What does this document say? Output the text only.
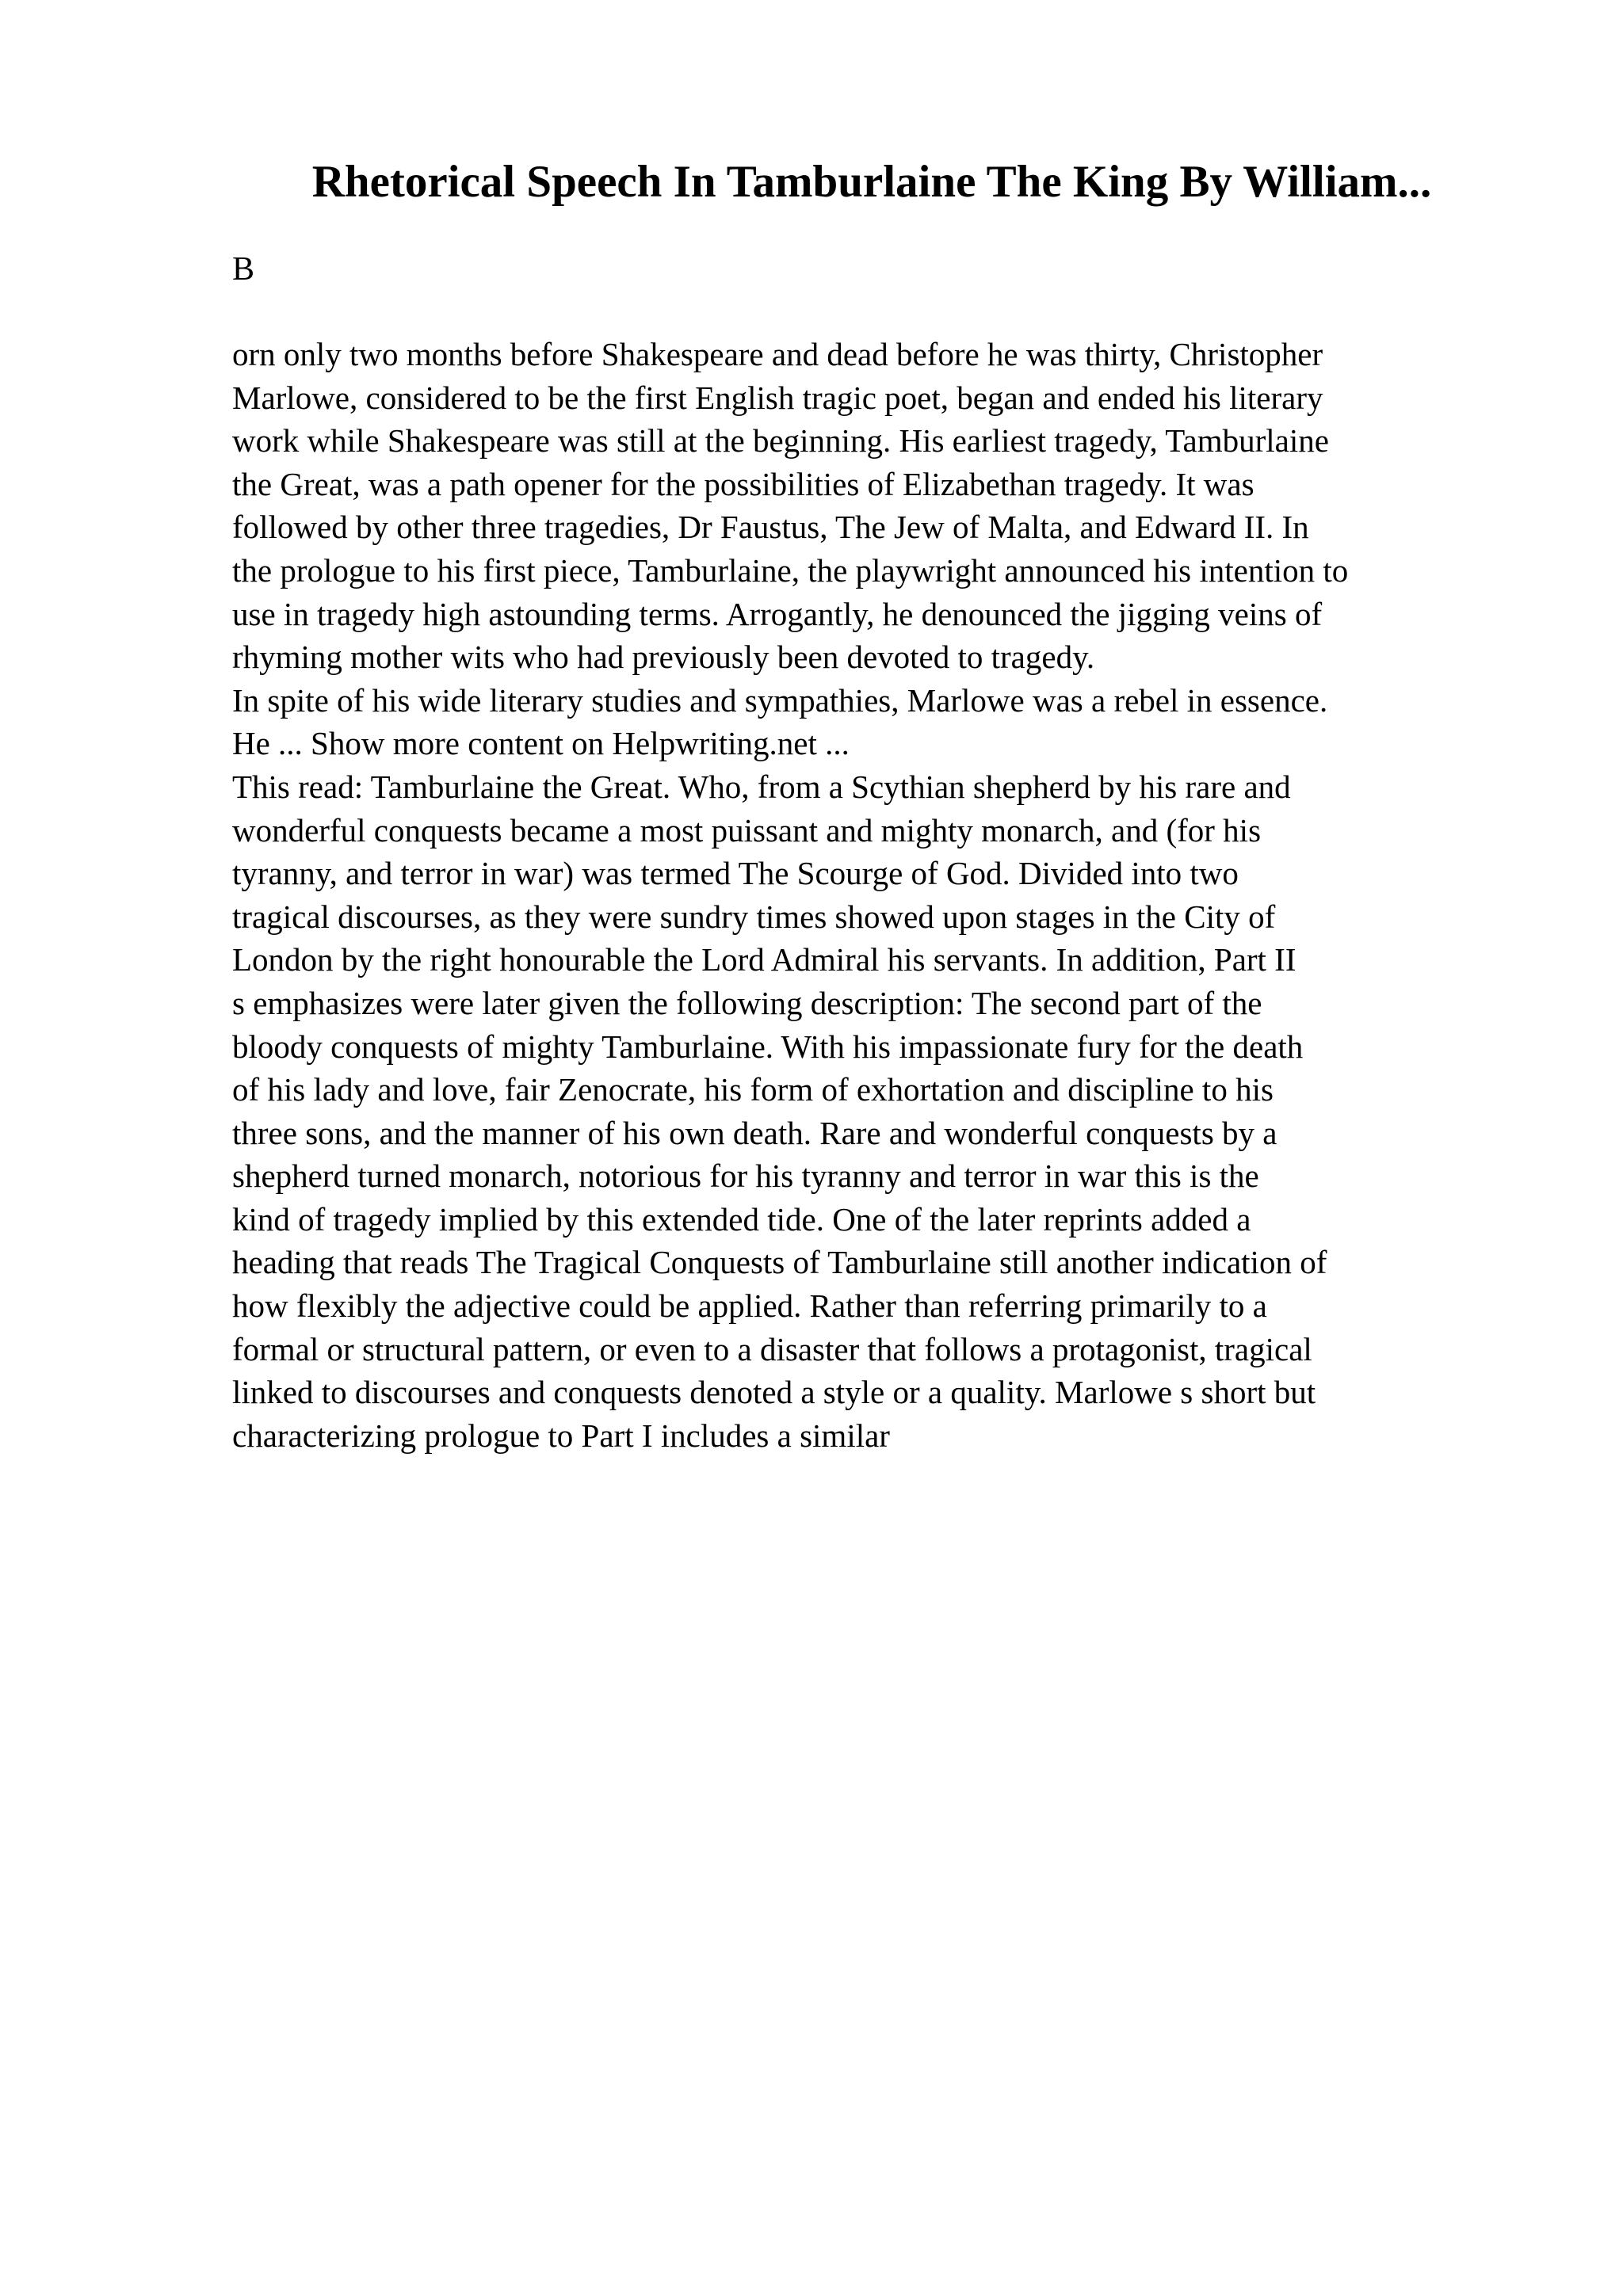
Rhetorical Speech In Tamburlaine The King By William...

B

orn only two months before Shakespeare and dead before he was thirty, Christopher
Marlowe, considered to be the first English tragic poet, began and ended his literary
work while Shakespeare was still at the beginning. His earliest tragedy, Tamburlaine
the Great, was a path opener for the possibilities of Elizabethan tragedy. It was
followed by other three tragedies, Dr Faustus, The Jew of Malta, and Edward II. In
the prologue to his first piece, Tamburlaine, the playwright announced his intention to
use in tragedy high astounding terms. Arrogantly, he denounced the jigging veins of
rhyming mother wits who had previously been devoted to tragedy.
In spite of his wide literary studies and sympathies, Marlowe was a rebel in essence.
He ... Show more content on Helpwriting.net ...
This read: Tamburlaine the Great. Who, from a Scythian shepherd by his rare and
wonderful conquests became a most puissant and mighty monarch, and (for his
tyranny, and terror in war) was termed The Scourge of God. Divided into two
tragical discourses, as they were sundry times showed upon stages in the City of
London by the right honourable the Lord Admiral his servants. In addition, Part II
s emphasizes were later given the following description: The second part of the
bloody conquests of mighty Tamburlaine. With his impassionate fury for the death
of his lady and love, fair Zenocrate, his form of exhortation and discipline to his
three sons, and the manner of his own death. Rare and wonderful conquests by a
shepherd turned monarch, notorious for his tyranny and terror in war this is the
kind of tragedy implied by this extended tide. One of the later reprints added a
heading that reads The Tragical Conquests of Tamburlaine still another indication of
how flexibly the adjective could be applied. Rather than referring primarily to a
formal or structural pattern, or even to a disaster that follows a protagonist, tragical
linked to discourses and conquests denoted a style or a quality. Marlowe s short but
characterizing prologue to Part I includes a similar
